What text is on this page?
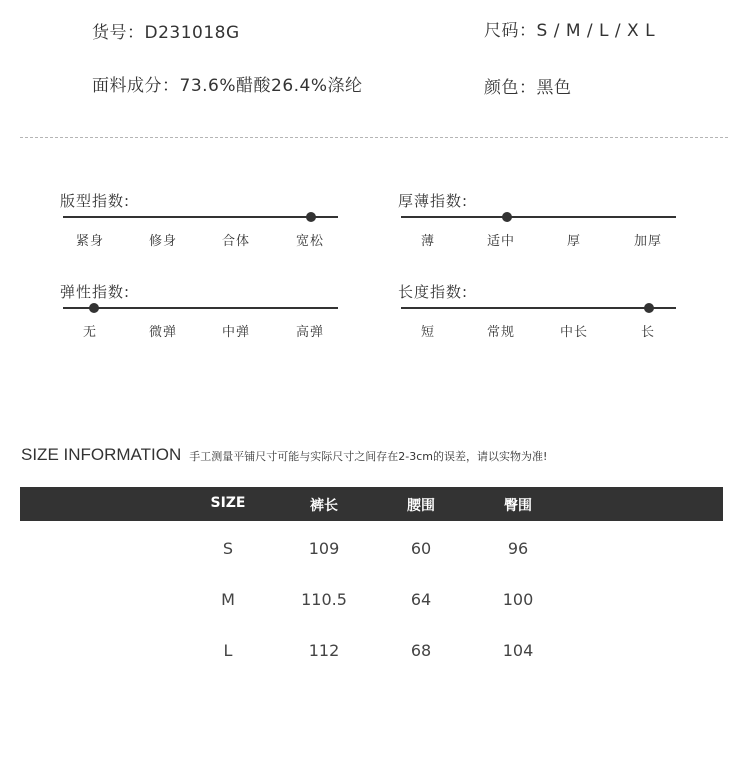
货号：D231018G	尺码：S / M / L / X L
面料成分：73.6%醋酸26.4%涤纶	颜色：黑色
版型指数:
紧身	修身	合体	宽松
厚薄指数:
薄	适中	厚	加厚
弹性指数:
无	微弹	中弹	高弹
长度指数:
短	常规	中长	长
SIZE INFORMATION 手工测量平铺尺寸可能与实际尺寸之间存在2-3cm的误差，请以实物为准!
SIZE	裤长	腰围	臀围
S	109	60	96
M	110.5	64	100
L	112	68	104
